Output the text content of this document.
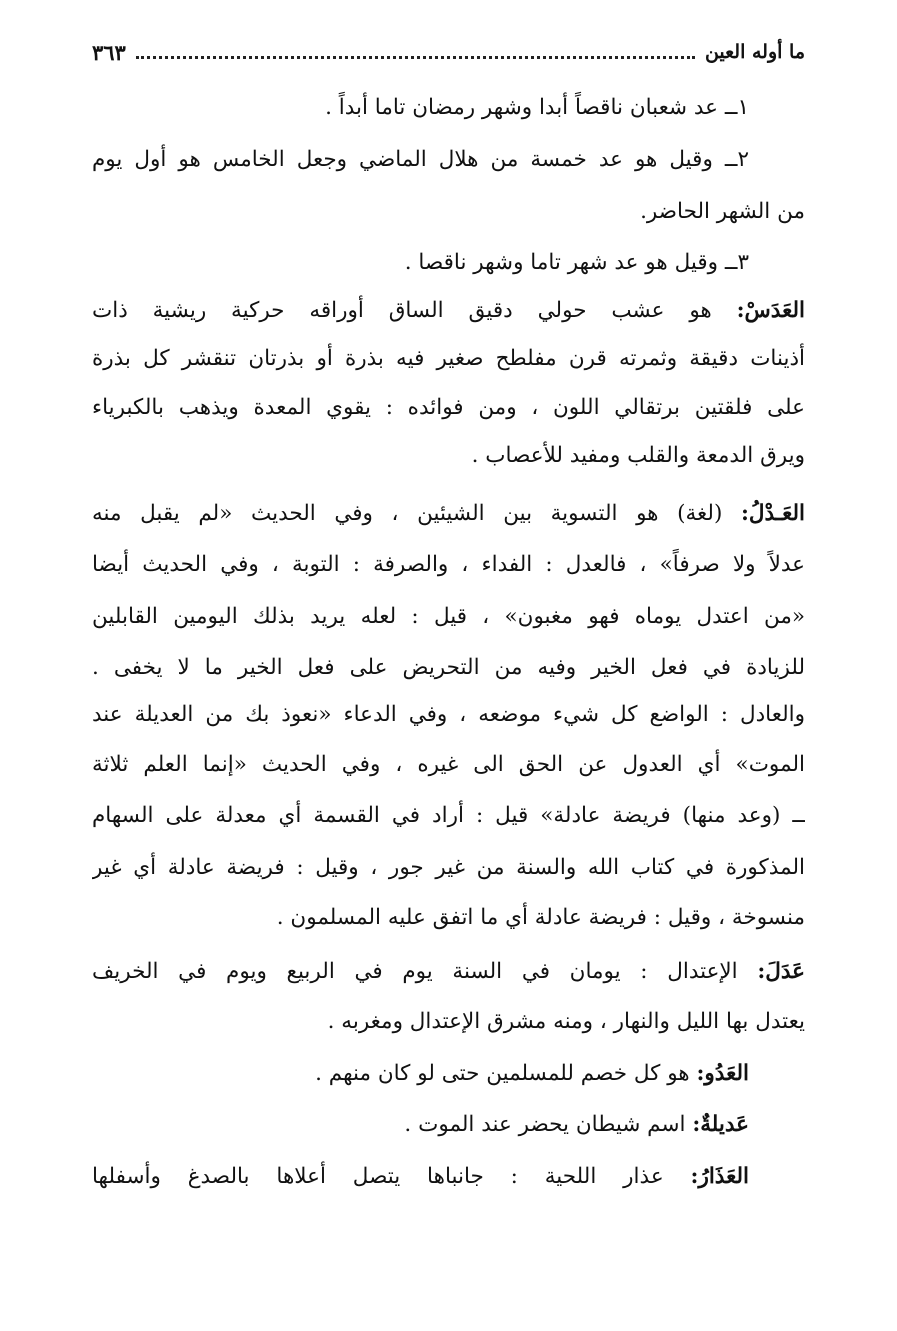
ما أوله العين
٣٦٣
١ــ عد شعبان ناقصاً أبدا وشهر رمضان تاما أبداً .
٢ــ وقيل هو عد خمسة من هلال الماضي وجعل الخامس هو أول يوم
من الشهر الحاضر.
٣ــ وقيل هو عد شهر تاما وشهر ناقصا .
العَدَسْ: هو عشب حولي دقيق الساق أوراقه حركية ريشية ذات
أذينات دقيقة وثمرته قرن مفلطح صغير فيه بذرة أو بذرتان تنقشر كل بذرة
على فلقتين برتقالي اللون ، ومن فوائده : يقوي المعدة ويذهب بالكبرياء
ويرق الدمعة والقلب ومفيد للأعصاب .
العَـدْلُ: (لغة) هو التسوية بين الشيئين ، وفي الحديث «لم يقبل منه
عدلاً ولا صرفاً» ، فالعدل : الفداء ، والصرفة : التوبة ، وفي الحديث أيضا
«من اعتدل يوماه فهو مغبون» ، قيل : لعله يريد بذلك اليومين القابلين
للزيادة في فعل الخير وفيه من التحريض على فعل الخير ما لا يخفى .
والعادل : الواضع كل شيء موضعه ، وفي الدعاء «نعوذ بك من العديلة عند
الموت» أي العدول عن الحق الى غيره ، وفي الحديث «إنما العلم ثلاثة
ــ (وعد منها) فريضة عادلة» قيل : أراد في القسمة أي معدلة على السهام
المذكورة في كتاب الله والسنة من غير جور ، وقيل : فريضة عادلة أي غير
منسوخة ، وقيل : فريضة عادلة أي ما اتفق عليه المسلمون .
عَدَلَ: الإعتدال : يومان في السنة يوم في الربيع ويوم في الخريف
يعتدل بها الليل والنهار ، ومنه مشرق الإعتدال ومغربه .
العَدُو: هو كل خصم للمسلمين حتى لو كان منهم .
عَديلةٌ: اسم شيطان يحضر عند الموت .
العَذَارُ: عذار اللحية : جانباها يتصل أعلاها بالصدغ وأسفلها
